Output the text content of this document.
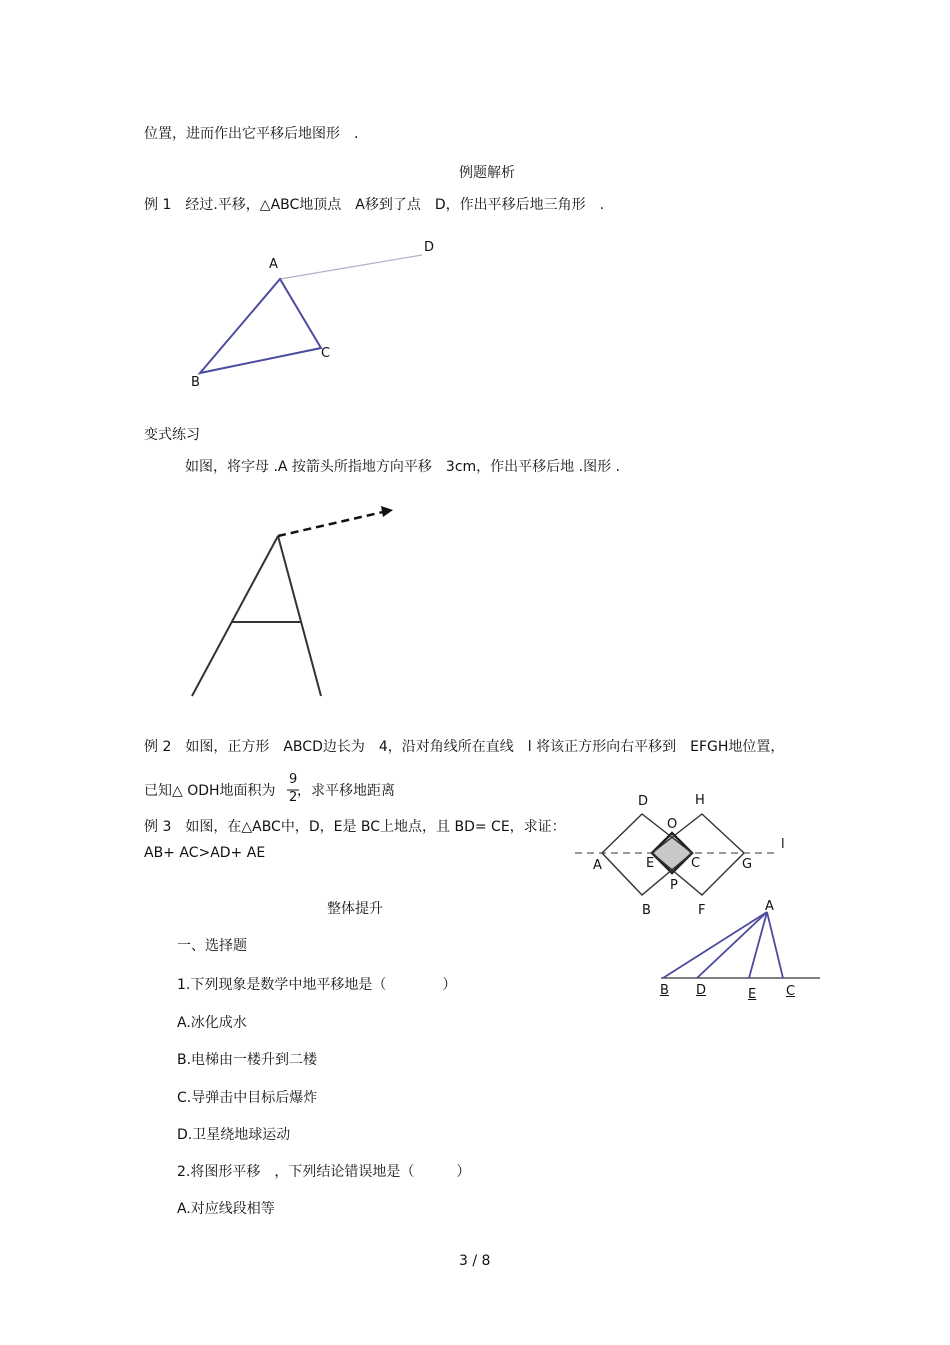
位置，进而作出它平移后地图形　.
例题解析
例 1　经过.平移，△ABC地顶点　A移到了点　D，作出平移后地三角形　.
A
D
C
B
变式练习
如图，将字母 .A 按箭头所指地方向平移　3cm，作出平移后地 .图形 .
例 2　如图，正方形　ABCD边长为　4，沿对角线所在直线　l 将该正方形向右平移到　EFGH地位置，
已知△ ODH地面积为
9
2 ，求平移地距离
例 3　如图，在△ABC中，D，E是 BC上地点，且 BD= CE，求证：
AB+ AC>AD+ AE
D	H
O
l
A	E	C	G
P
B	F	A
B D	E C
整体提升
一、选择题
1.下列现象是数学中地平移地是（　　　　）
A.冰化成水
B.电梯由一楼升到二楼
C.导弹击中目标后爆炸
D.卫星绕地球运动
2.将图形平移　，下列结论错误地是（　　　）
A.对应线段相等
3 / 8
